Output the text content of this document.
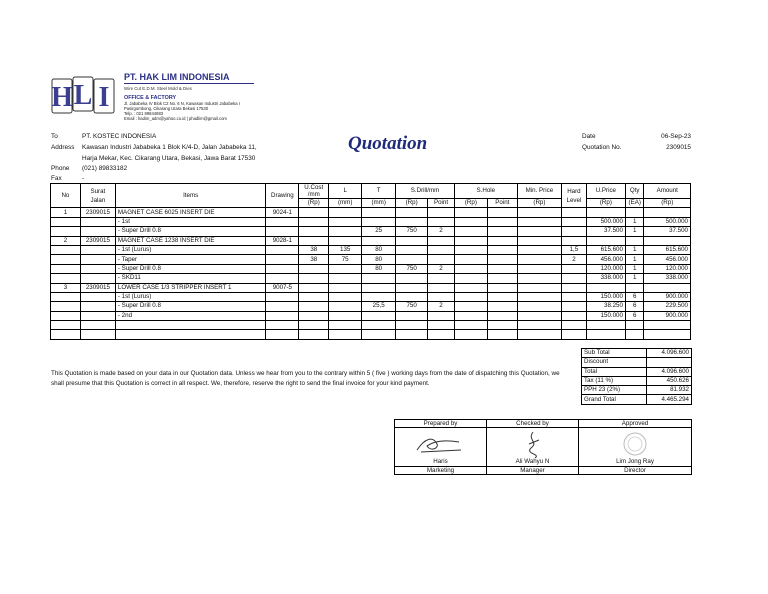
H L I
PT. HAK LIM INDONESIA
Wire Cut E.D.M. Steel Mold & Dies
OFFICE & FACTORY
Jl. Jababeka IV Blok C2 No. 6 N, Kawasan Industri Jababeka I
Pasirgombong, Cikarang Utara Bekasi 17530
Telp. : 021 89844883
Email : hadim_adm@yahoo.co.id | phadlim@gmail.com
To	PT. KOSTEC INDONESIA
Address Kawasan Industri Jababeka 1 Blok K/4-D, Jalan Jababeka 11,
Harja Mekar, Kec. Cikarang Utara, Bekasi, Jawa Barat 17530
Phone (021) 89833182
Fax	-
Quotation	Date	06-Sep-23
Quotation No.	2309015
No	Surat Jalan	Items	Drawing	U.Cost /mm	L	T	S.Drill/mm		S.Hole		Min. Price	Hard Level	U.Price	Qty	Amount
				(Rp)	(mm)	(mm)	(Rp)	Point	(Rp)	Point	(Rp)		(Rp)	(EA)	(Rp)
1	2309015	MAGNET CASE 6025 INSERT DIE	9024-1												
		- 1st											500.000	1	500.000
		- Super Drill 0.8				25	750	2					37.500	1	37.500
2	2309015	MAGNET CASE 1238 INSERT DIE	9028-1												
		- 1st (Lurus)		38	135	80						1,5	615.600	1	615.600
		- Taper		38	75	80						2	456.000	1	456.000
		- Super Drill 0.8				80	750	2					120.000	1	120.000
		- SKD11											338.000	1	338.000
3	2309015	LOWER CASE 1/3 STRIPPER INSERT 1	9007-5												
		- 1st (Lurus)											150.000	6	900.000
		- Super Drill 0.8				25,5	750	2					38.250	6	229.500
		- 2nd											150.000	6	900.000

Sub Total	4.096.600
Discount	
Total	4.096.600
Tax (11 %)	450.626
PPH 23 (2%)	81.932
Grand Total	4.465.294
This Quotation is made based on your data in our Quotation data. Unless we hear from you to the contrary within 5 ( five ) working days from the date of dispatching this Quotation, we shall presume that this Quotation is correct in all respect. We, therefore, reserve the right to send the final invoice for your kind payment.
Prepared by	Checked by	Approved

Haris	Ali Wahyu N	Lim Jong Ray

Marketing	Manager	Director
